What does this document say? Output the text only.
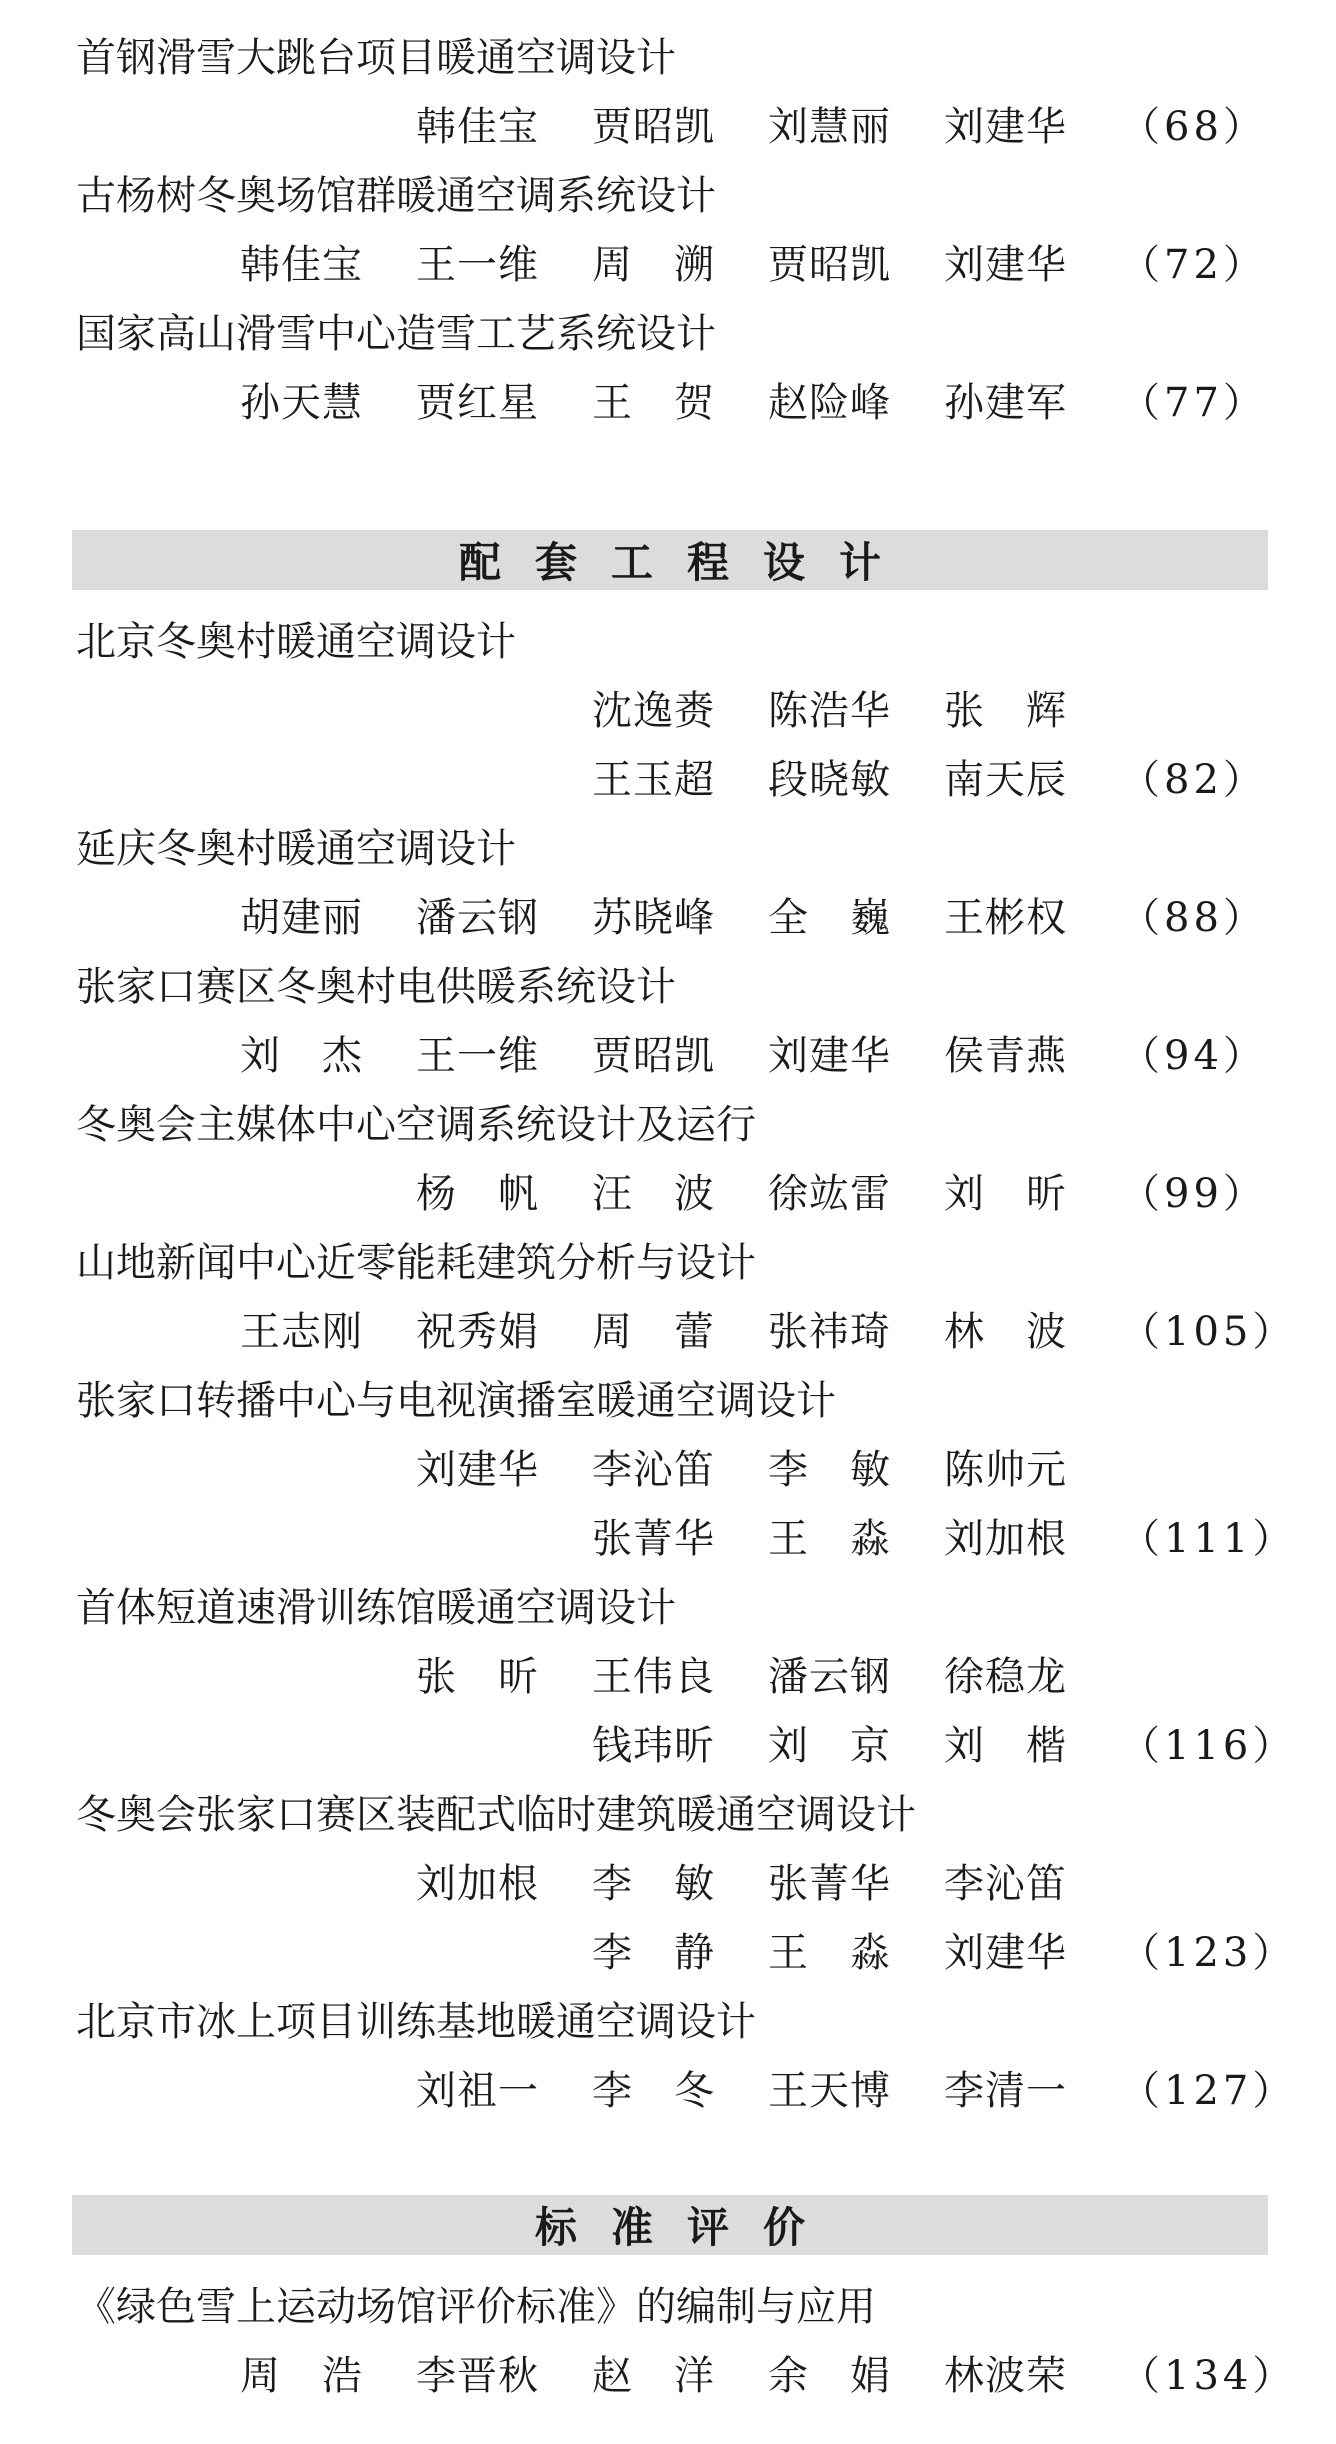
首钢滑雪大跳台项目暖通空调设计
韩佳宝	贾昭凯	刘慧丽	刘建华	（68）
古杨树冬奥场馆群暖通空调系统设计
韩佳宝	王一维	周　溯	贾昭凯	刘建华	（72）
国家高山滑雪中心造雪工艺系统设计
孙天慧	贾红星	王　贺	赵险峰	孙建军	（77）
配套工程设计
北京冬奥村暖通空调设计
沈逸赉	陈浩华	张　辉
王玉超	段晓敏	南天辰	（82）
延庆冬奥村暖通空调设计
胡建丽	潘云钢	苏晓峰	全　巍	王彬权	（88）
张家口赛区冬奥村电供暖系统设计
刘　杰	王一维	贾昭凯	刘建华	侯青燕	（94）
冬奥会主媒体中心空调系统设计及运行
杨　帆	汪　波	徐竑雷	刘　昕	（99）
山地新闻中心近零能耗建筑分析与设计
王志刚	祝秀娟	周　蕾	张祎琦	林　波	（105）
张家口转播中心与电视演播室暖通空调设计
刘建华	李沁笛	李　敏	陈帅元
张菁华	王　淼	刘加根	（111）
首体短道速滑训练馆暖通空调设计
张　昕	王伟良	潘云钢	徐稳龙
钱玮昕	刘　京	刘　楷	（116）
冬奥会张家口赛区装配式临时建筑暖通空调设计
刘加根	李　敏	张菁华	李沁笛
李　静	王　淼	刘建华	（123）
北京市冰上项目训练基地暖通空调设计
刘祖一	李　冬	王天博	李清一	（127）
标准评价
《绿色雪上运动场馆评价标准》的编制与应用
周　浩	李晋秋	赵　洋	余　娟	林波荣	（134）
